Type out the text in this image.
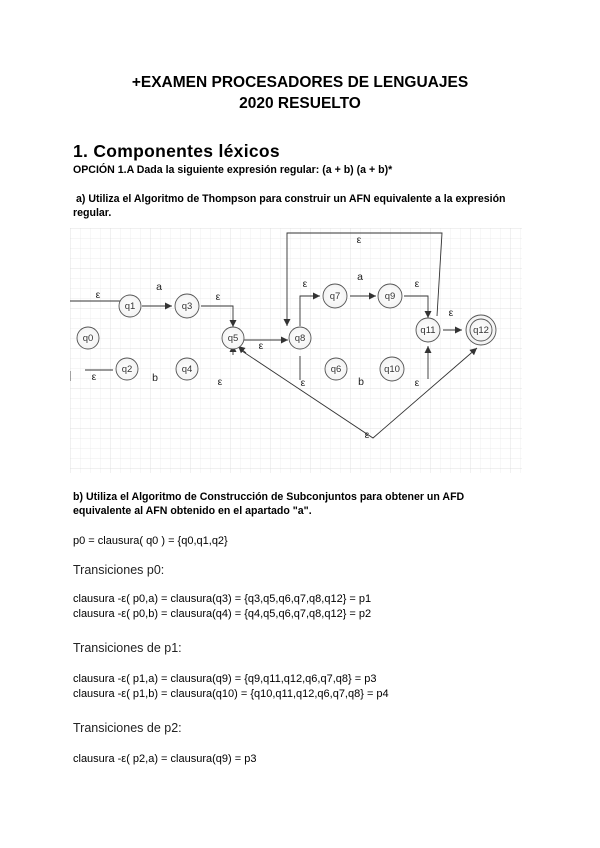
+EXAMEN PROCESADORES DE LENGUAJES
2020 RESUELTO
1. Componentes léxicos
OPCIÓN 1.A Dada la siguiente expresión regular: (a + b) (a + b)*
a) Utiliza el Algoritmo de Thompson para construir un AFN equivalente a la expresión
regular.
q0
q1	q3
q2	q4
q5	q8
q7	q9
q6	q10
q11	q12
ε
a
ε
ε	b	ε
ε
ε
a
ε
ε
ε
ε	b	ε
ε
b) Utiliza el Algoritmo de Construcción de Subconjuntos para obtener un AFD
equivalente al AFN obtenido en el apartado "a".
p0 = clausura( q0 ) = {q0,q1,q2}
Transiciones p0:
clausura -ε( p0,a) = clausura(q3) = {q3,q5,q6,q7,q8,q12} = p1
clausura -ε( p0,b) = clausura(q4) = {q4,q5,q6,q7,q8,q12} = p2
Transiciones de p1:
clausura -ε( p1,a) = clausura(q9) = {q9,q11,q12,q6,q7,q8} = p3
clausura -ε( p1,b) = clausura(q10) = {q10,q11,q12,q6,q7,q8} = p4
Transiciones de p2:
clausura -ε( p2,a) = clausura(q9) = p3
